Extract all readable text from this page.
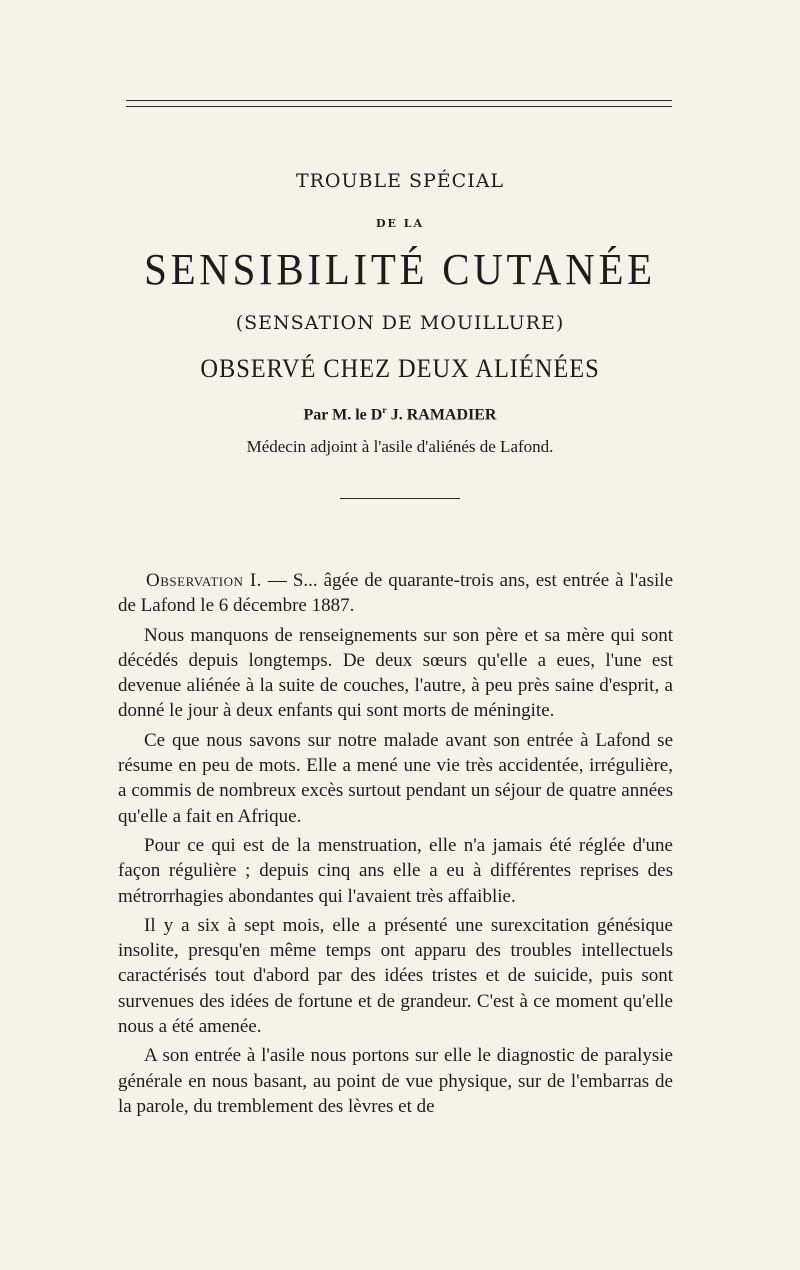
TROUBLE SPÉCIAL
DE LA
SENSIBILITÉ CUTANÉE
(SENSATION DE MOUILLURE)
OBSERVÉ CHEZ DEUX ALIÉNÉES
Par M. le $D^r$ J. RAMADIER
Médecin adjoint à l'asile d'aliénés de Lafond.

Observation I. — S... âgée de quarante-trois ans, est entrée à l'asile de Lafond le 6 décembre 1887.

Nous manquons de renseignements sur son père et sa mère qui sont décédés depuis longtemps. De deux sœurs qu'elle a eues, l'une est devenue aliénée à la suite de couches, l'autre, à peu près saine d'esprit, a donné le jour à deux enfants qui sont morts de méningite.

Ce que nous savons sur notre malade avant son entrée à Lafond se résume en peu de mots. Elle a mené une vie très accidentée, irrégulière, a commis de nombreux excès surtout pendant un séjour de quatre années qu'elle a fait en Afrique.

Pour ce qui est de la menstruation, elle n'a jamais été réglée d'une façon régulière ; depuis cinq ans elle a eu à différentes reprises des métrorrhagies abondantes qui l'avaient très affaiblie.

Il y a six à sept mois, elle a présenté une surexcitation génésique insolite, presqu'en même temps ont apparu des troubles intellectuels caractérisés tout d'abord par des idées tristes et de suicide, puis sont survenues des idées de fortune et de grandeur. C'est à ce moment qu'elle nous a été amenée.

A son entrée à l'asile nous portons sur elle le diagnostic de paralysie générale en nous basant, au point de vue physique, sur de l'embarras de la parole, du tremblement des lèvres et de
